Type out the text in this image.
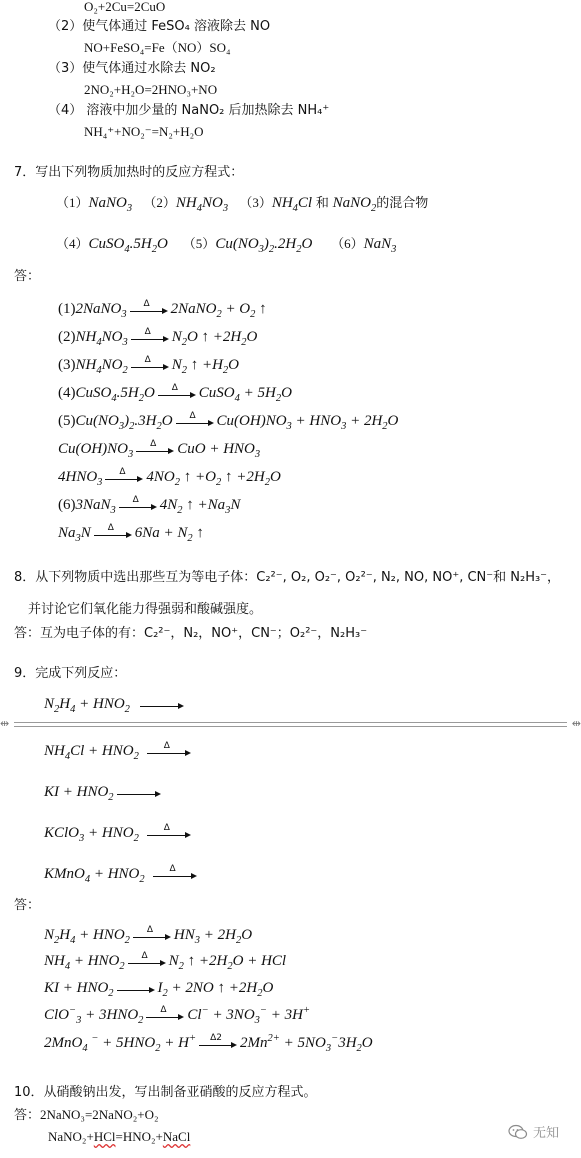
O₂+2Cu=2CuO
（2）使气体通过 FeSO₄ 溶液除去 NO
NO+FeSO₄=Fe（NO）SO₄
（3）使气体通过水除去 NO₂
2NO₂+H₂O=2HNO₃+NO
（4） 溶液中加少量的 NaNO₂ 后加热除去 NH₄⁺
NH₄⁺+NO₂⁻=N₂+H₂O
7．写出下列物质加热时的反应方程式：
（1）NaNO$_3$ $(2)NH_4NO_3$ $(3)NH_4Cl$ 和 NaNO$_2$的混合物
$(4)CuSO_4.5H_2O$    $(5)Cu(NO_3)_2.2H_2O$     （6）NaN$_3$
答：
(1)2NaNO$_3$
Δ	2NaNO$_2$ + $O_2$ ↑
$(2)NH_4NO_3$
Δ	$N_2O$ ↑ $+2H_2O$
$(3)NH_4NO_2$
Δ	$N_2$ ↑ $+H_2O$
$(4)CuSO_4.5H_2O$	Δ	CuSO$_4$ + $5H_2O$
$(5)Cu(NO_3)_2.3H_2O$	Δ	$Cu(OH)NO_3 + HNO_3 + 2H_2O$
$Cu(OH)NO_3$
Δ	CuO + $HNO_3$
$4HNO_3$
Δ	$4NO_2$ ↑ $+O_2$ ↑ $+2H_2O$
(6)3NaN$_3$
Δ	$4N_2$ ↑ $+Na_3N$
$Na_3N$	Δ	$6Na + N_2$ ↑
8．从下列物质中选出那些互为等电子体：C₂²⁻, O₂, O₂⁻, O₂²⁻, N₂, NO, NO⁺, CN⁻和 N₂H₃⁻，
并讨论它们氧化能力得强弱和酸碱强度。
答：互为电子体的有：C₂²⁻，N₂，NO⁺，CN⁻；O₂²⁻，N₂H₃⁻
9．完成下列反应：
$N_2H_4 + HNO_2$
⇹	⇹
$NH_4Cl + HNO_2$
Δ
KI + $HNO_2$
KClO$_3$ + $HNO_2$
Δ
KMnO$_4$ + $HNO_2$
Δ
答：
$N_2H_4 + HNO_2$
Δ	$HN_3 + 2H_2O$
$NH_4 + HNO_2$
Δ	$N_2$ ↑ $+2H_2O$ + HCl
KI + $HNO_2$	$I_2 + 2NO$ ↑ $+2H_2O$
$ClO^-_3 + 3HNO_2$
Δ	$Cl^- + 3NO_3^- + 3H^+$
2MnO$_4$ $^- + 5HNO_2 + H^+$	Δ2	$2Mn^{2+} + 5NO_3^-3H_2O$
10．从硝酸钠出发，写出制备亚硝酸的反应方程式。
答：2NaNO₃=2NaNO₂+O₂
NaNO₂+HCl=HNO₂+NaCl	无知
